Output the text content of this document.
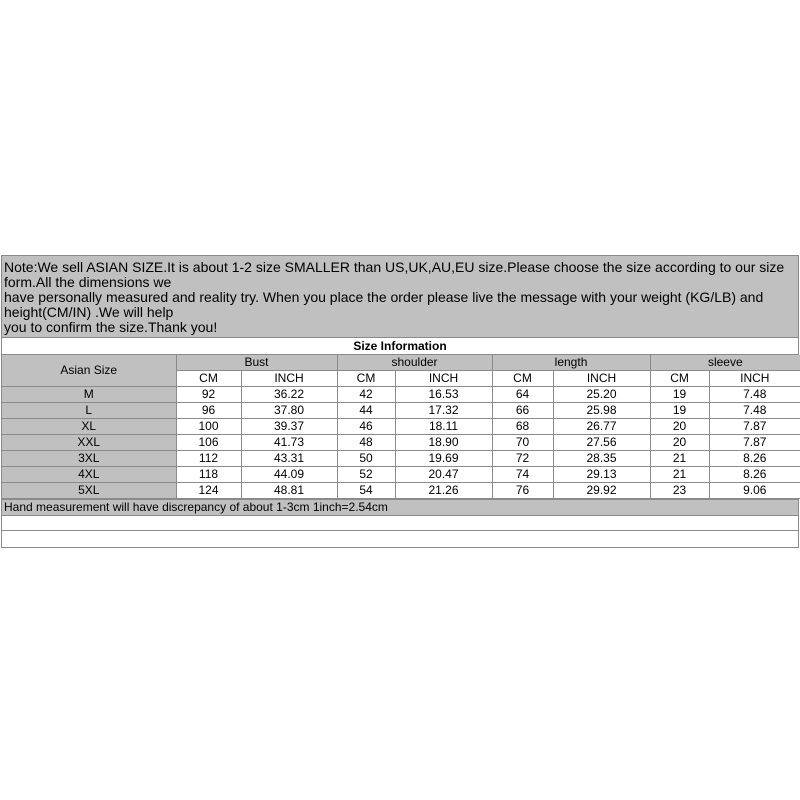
Note:We sell ASIAN SIZE.It is about 1-2 size SMALLER than US,UK,AU,EU size.Please choose the size according to our size
form.All the dimensions we
have personally measured and reality try. When you place the order please live the message with your weight (KG/LB) and
height(CM/IN) .We will help
you to confirm the size.Thank you!
Size Information
Asian Size	Bust		shoulder		length		sleeve	
	CM	INCH	CM	INCH	CM	INCH	CM	INCH
M	92	36.22	42	16.53	64	25.20	19	7.48
L	96	37.80	44	17.32	66	25.98	19	7.48
XL	100	39.37	46	18.11	68	26.77	20	7.87
XXL	106	41.73	48	18.90	70	27.56	20	7.87
3XL	112	43.31	50	19.69	72	28.35	21	8.26
4XL	118	44.09	52	20.47	74	29.13	21	8.26
5XL	124	48.81	54	21.26	76	29.92	23	9.06
Hand measurement will have discrepancy of about 1-3cm 1inch=2.54cm
